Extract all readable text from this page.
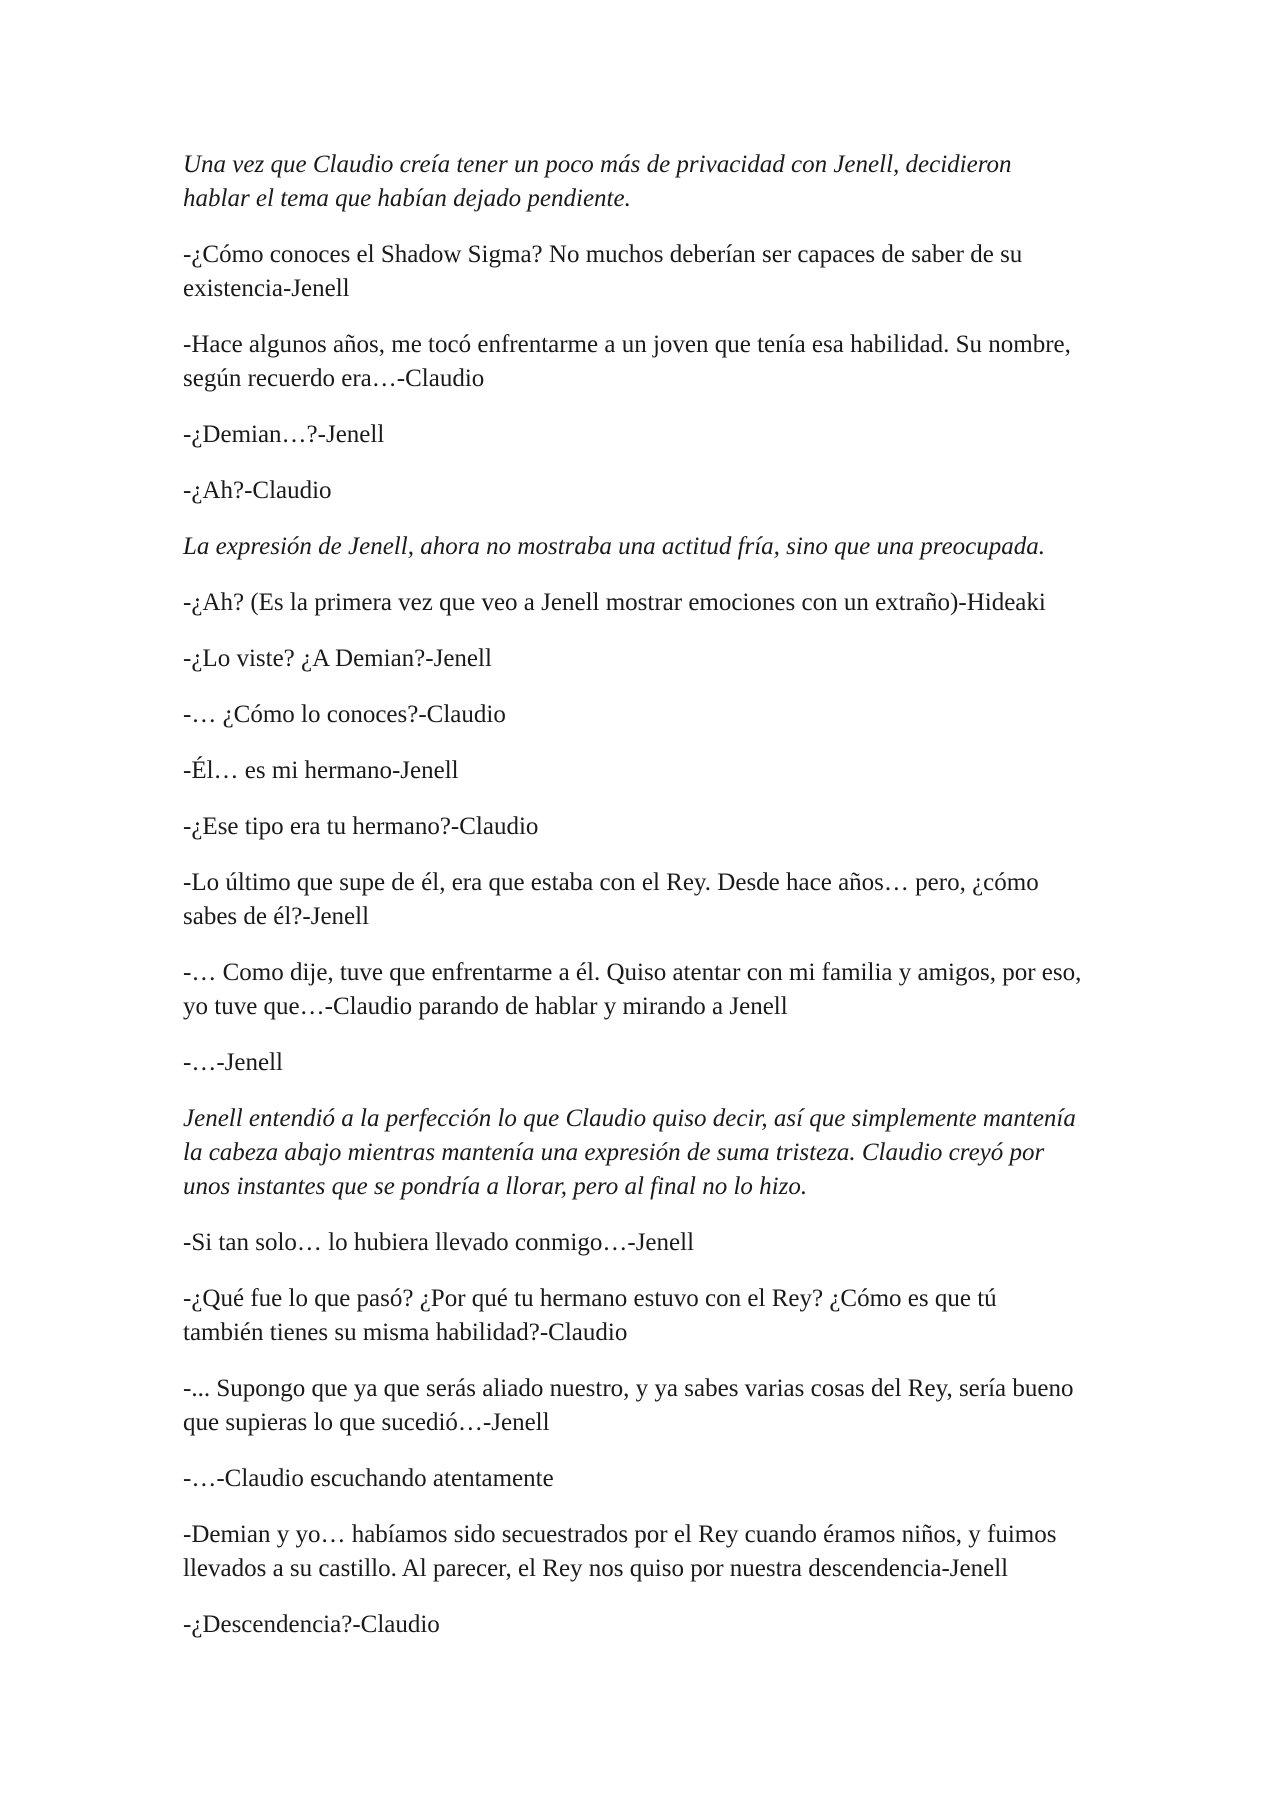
Una vez que Claudio creía tener un poco más de privacidad con Jenell, decidieron hablar el tema que habían dejado pendiente.

-¿Cómo conoces el Shadow Sigma? No muchos deberían ser capaces de saber de su existencia-Jenell

-Hace algunos años, me tocó enfrentarme a un joven que tenía esa habilidad. Su nombre, según recuerdo era…-Claudio

-¿Demian…?-Jenell

-¿Ah?-Claudio

La expresión de Jenell, ahora no mostraba una actitud fría, sino que una preocupada.

-¿Ah? (Es la primera vez que veo a Jenell mostrar emociones con un extraño)-Hideaki

-¿Lo viste? ¿A Demian?-Jenell

-… ¿Cómo lo conoces?-Claudio

-Él… es mi hermano-Jenell

-¿Ese tipo era tu hermano?-Claudio

-Lo último que supe de él, era que estaba con el Rey. Desde hace años… pero, ¿cómo sabes de él?-Jenell

-… Como dije, tuve que enfrentarme a él. Quiso atentar con mi familia y amigos, por eso, yo tuve que…-Claudio parando de hablar y mirando a Jenell

-…-Jenell

Jenell entendió a la perfección lo que Claudio quiso decir, así que simplemente mantenía la cabeza abajo mientras mantenía una expresión de suma tristeza. Claudio creyó por unos instantes que se pondría a llorar, pero al final no lo hizo.

-Si tan solo… lo hubiera llevado conmigo…-Jenell

-¿Qué fue lo que pasó? ¿Por qué tu hermano estuvo con el Rey? ¿Cómo es que tú también tienes su misma habilidad?-Claudio

-... Supongo que ya que serás aliado nuestro, y ya sabes varias cosas del Rey, sería bueno que supieras lo que sucedió…-Jenell

-…-Claudio escuchando atentamente

-Demian y yo… habíamos sido secuestrados por el Rey cuando éramos niños, y fuimos llevados a su castillo. Al parecer, el Rey nos quiso por nuestra descendencia-Jenell

-¿Descendencia?-Claudio
